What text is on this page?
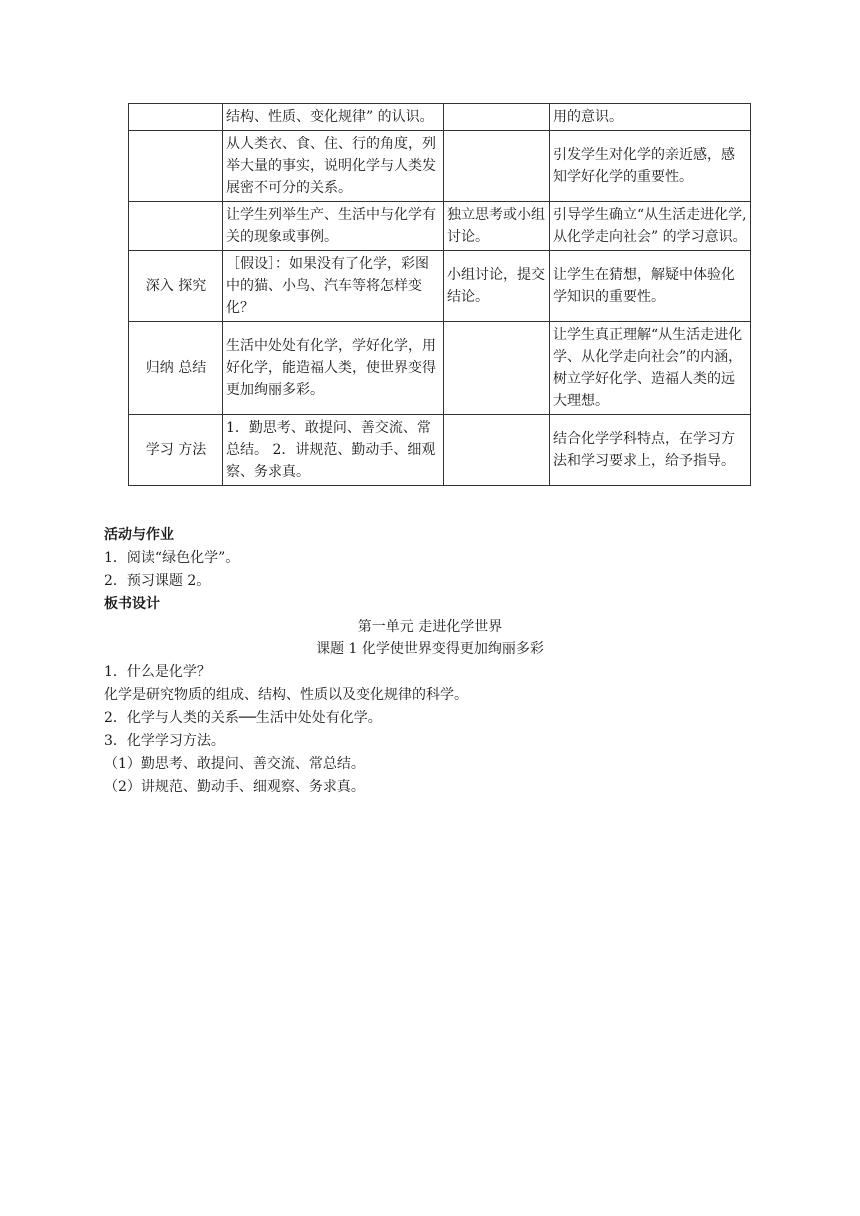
	结构、性质、变化规律” 的认识。		用的意识。
	从人类衣、食、住、行的角度，列举大量的事实，说明化学与人类发展密不可分的关系。		引发学生对化学的亲近感，感知学好化学的重要性。
	让学生列举生产、生活中与化学有关的现象或事例。	独立思考或小组讨论。	引导学生确立“从生活走进化学,从化学走向社会” 的学习意识。
深入 探究	［假设］：如果没有了化学，彩图中的猫、小鸟、汽车等将怎样变化？	小组讨论，提交结论。	让学生在猜想，解疑中体验化学知识的重要性。
归纳 总结	生活中处处有化学，学好化学，用好化学，能造福人类，使世界变得更加绚丽多彩。		让学生真正理解“从生活走进化学、从化学走向社会”的内涵，树立学好化学、造福人类的远大理想。
学习 方法	1．勤思考、敢提问、善交流、常总结。 2．讲规范、勤动手、细观察、务求真。		结合化学学科特点，在学习方法和学习要求上，给予指导。
活动与作业
1．阅读“绿色化学”。
2．预习课题 2。
板书设计
第一单元 走进化学世界
课题 1 化学使世界变得更加绚丽多彩
1．什么是化学？
化学是研究物质的组成、结构、性质以及变化规律的科学。
2．化学与人类的关系──生活中处处有化学。
3．化学学习方法。
（1）勤思考、敢提问、善交流、常总结。
（2）讲规范、勤动手、细观察、务求真。
